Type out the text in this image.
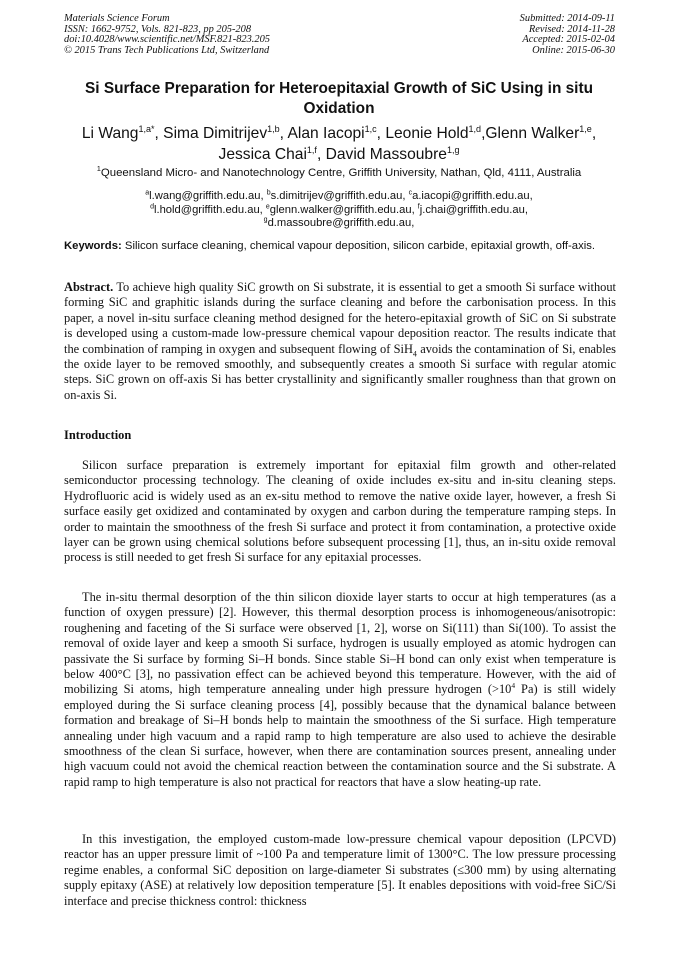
Materials Science Forum
ISSN: 1662-9752, Vols. 821-823, pp 205-208
doi:10.4028/www.scientific.net/MSF.821-823.205
© 2015 Trans Tech Publications Ltd, Switzerland
Submitted: 2014-09-11
Revised: 2014-11-28
Accepted: 2015-02-04
Online: 2015-06-30
Si Surface Preparation for Heteroepitaxial Growth of SiC Using in situ Oxidation
Li Wang$^{1,a*}$, Sima Dimitrijev$^{1,b}$, Alan Iacopi$^{1,c}$, Leonie Hold$^{1,d}$,Glenn Walker$^{1,e}$,
Jessica Chai$^{1,f}$, David Massoubre$^{1,g}$
$^1$Queensland Micro- and Nanotechnology Centre, Griffith University, Nathan, Qld, 4111, Australia
$^a$l.wang@griffith.edu.au, $^b$s.dimitrijev@griffith.edu.au, $^c$a.iacopi@griffith.edu.au,
$^d$l.hold@griffith.edu.au, $^e$glenn.walker@griffith.edu.au, $^f$j.chai@griffith.edu.au,
$^g$d.massoubre@griffith.edu.au,
Keywords: Silicon surface cleaning, chemical vapour deposition, silicon carbide, epitaxial growth, off-axis.
Abstract. To achieve high quality SiC growth on Si substrate, it is essential to get a smooth Si surface without forming SiC and graphitic islands during the surface cleaning and before the carbonisation process. In this paper, a novel in-situ surface cleaning method designed for the hetero-epitaxial growth of SiC on Si substrate is developed using a custom-made low-pressure chemical vapour deposition reactor. The results indicate that the combination of ramping in oxygen and subsequent flowing of SiH$_4$ avoids the contamination of Si, enables the oxide layer to be removed smoothly, and subsequently creates a smooth Si surface with regular atomic steps. SiC grown on off-axis Si has better crystallinity and significantly smaller roughness than that grown on on-axis Si.
Introduction

Silicon surface preparation is extremely important for epitaxial film growth and other-related semiconductor processing technology. The cleaning of oxide includes ex-situ and in-situ cleaning steps. Hydrofluoric acid is widely used as an ex-situ method to remove the native oxide layer, however, a fresh Si surface easily get oxidized and contaminated by oxygen and carbon during the temperature ramping steps. In order to maintain the smoothness of the fresh Si surface and protect it from contamination, a protective oxide layer can be grown using chemical solutions before subsequent processing [1], thus, an in-situ oxide removal process is still needed to get fresh Si surface for any epitaxial processes.

The in-situ thermal desorption of the thin silicon dioxide layer starts to occur at high temperatures (as a function of oxygen pressure) [2]. However, this thermal desorption process is inhomogeneous/anisotropic: roughening and faceting of the Si surface were observed [1, 2], worse on Si(111) than Si(100). To assist the removal of oxide layer and keep a smooth Si surface, hydrogen is usually employed as atomic hydrogen can passivate the Si surface by forming Si–H bonds. Since stable Si–H bond can only exist when temperature is below 400°C [3], no passivation effect can be achieved beyond this temperature. However, with the aid of mobilizing Si atoms, high temperature annealing under high pressure hydrogen ($>10^4$ Pa) is still widely employed during the Si surface cleaning process [4], possibly because that the dynamical balance between formation and breakage of Si–H bonds help to maintain the smoothness of the Si surface. High temperature annealing under high vacuum and a rapid ramp to high temperature are also used to achieve the desirable smoothness of the clean Si surface, however, when there are contamination sources present, annealing under high vacuum could not avoid the chemical reaction between the contamination source and the Si substrate. A rapid ramp to high temperature is also not practical for reactors that have a slow heating-up rate.

In this investigation, the employed custom-made low-pressure chemical vapour deposition (LPCVD) reactor has an upper pressure limit of ~100 Pa and temperature limit of 1300°C. The low pressure processing regime enables, a conformal SiC deposition on large-diameter Si substrates (≤300 mm) by using alternating supply epitaxy (ASE) at relatively low deposition temperature [5]. It enables depositions with void-free SiC/Si interface and precise thickness control: thickness
